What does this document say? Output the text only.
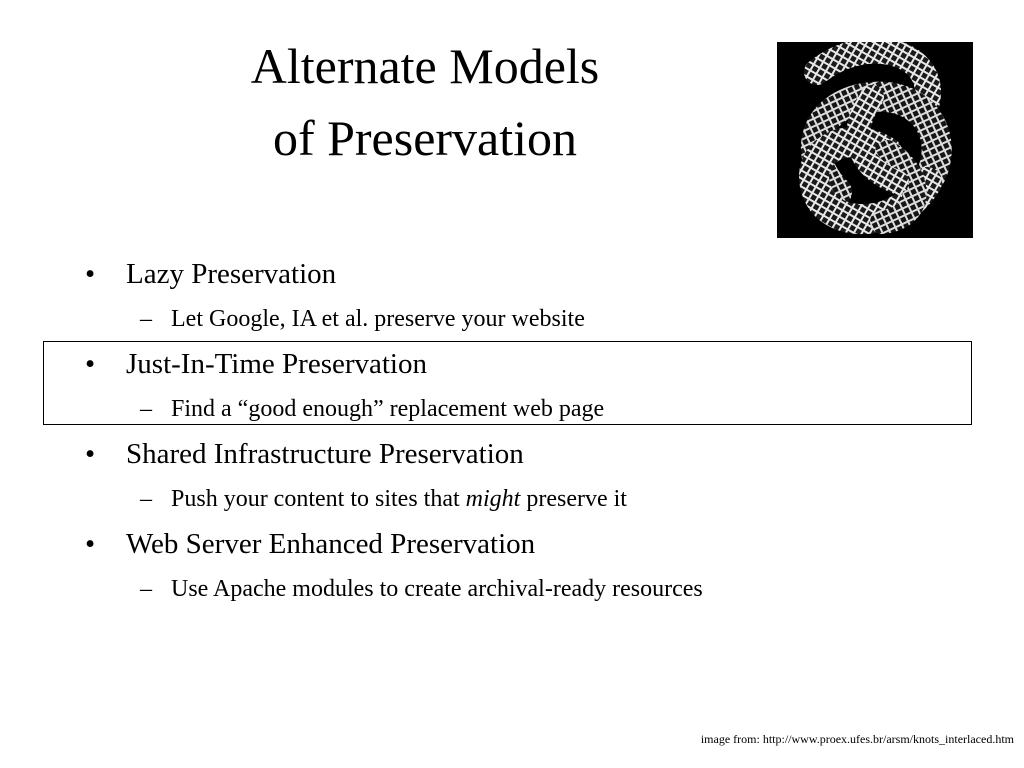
Alternate Models
of Preservation
• Lazy Preservation
– Let Google, IA et al. preserve your website
• Just-In-Time Preservation
– Find a “good enough” replacement web page
• Shared Infrastructure Preservation
– Push your content to sites that might preserve it
• Web Server Enhanced Preservation
– Use Apache modules to create archival-ready resources
image from: http://www.proex.ufes.br/arsm/knots_interlaced.htm
